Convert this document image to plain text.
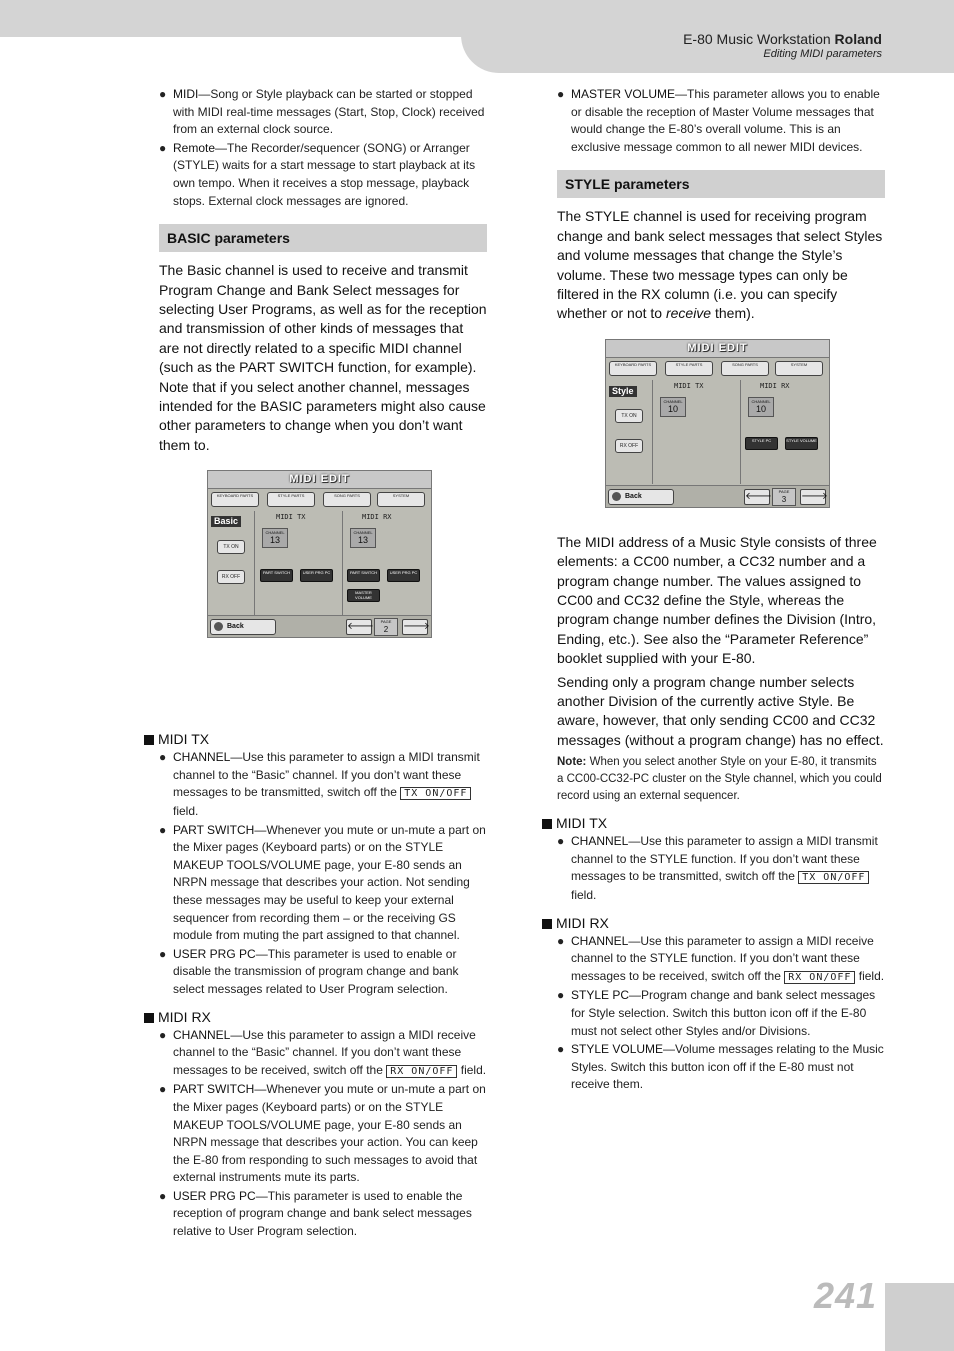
E-80 Music Workstation Roland
Editing MIDI parameters
● MIDI—Song or Style playback can be started or stopped with MIDI real-time messages (Start, Stop, Clock) received from an external clock source.
● Remote—The Recorder/sequencer (SONG) or Arranger (STYLE) waits for a start message to start playback at its own tempo. When it receives a stop message, playback stops. External clock messages are ignored.
BASIC parameters
The Basic channel is used to receive and transmit Program Change and Bank Select messages for selecting User Programs, as well as for the reception and transmission of other kinds of messages that are not directly related to a specific MIDI channel (such as the PART SWITCH function, for example). Note that if you select another channel, messages intended for the BASIC parameters might also cause other parameters to change when you don’t want them to.
MIDI TX
● CHANNEL—Use this parameter to assign a MIDI transmit channel to the “Basic” channel. If you don’t want these messages to be transmitted, switch off the TX ON/OFF field.
● PART SWITCH—Whenever you mute or un-mute a part on the Mixer pages (Keyboard parts) or on the STYLE MAKEUP TOOLS/VOLUME page, your E-80 sends an NRPN message that describes your action. Not sending these messages may be useful to keep your external sequencer from recording them – or the receiving GS module from muting the part assigned to that channel.
● USER PRG PC—This parameter is used to enable or disable the transmission of program change and bank select messages related to User Program selection.
MIDI RX
● CHANNEL—Use this parameter to assign a MIDI receive channel to the “Basic” channel. If you don’t want these messages to be received, switch off the RX ON/OFF field.
● PART SWITCH—Whenever you mute or un-mute a part on the Mixer pages (Keyboard parts) or on the STYLE MAKEUP TOOLS/VOLUME page, your E-80 sends an NRPN message that describes your action. You can keep the E-80 from responding to such messages to avoid that external instruments mute its parts.
● USER PRG PC—This parameter is used to enable the reception of program change and bank select messages relative to User Program selection.
MIDI EDIT
KEYBOARD PARTS	STYLE PARTS	SONG PARTS	SYSTEM
Basic	MIDI TX	MIDI RX
TX ON
RX OFF
CHANNEL
13
CHANNEL
13
PART SWITCH	USER PRG PC	PART SWITCH	USER PRG PC
MASTER VOLUME
Back	🡐	PAGE
2	🡒
● MASTER VOLUME—This parameter allows you to enable or disable the reception of Master Volume messages that would change the E-80’s overall volume. This is an exclusive message common to all newer MIDI devices.
STYLE parameters
The STYLE channel is used for receiving program change and bank select messages that select Styles and volume messages that change the Style’s volume. These two message types can only be filtered in the RX column (i.e. you can specify whether or not to receive them).
The MIDI address of a Music Style consists of three elements: a CC00 number, a CC32 number and a program change number. The values assigned to CC00 and CC32 define the Style, whereas the program change number defines the Division (Intro, Ending, etc.). See also the “Parameter Reference” booklet supplied with your E-80.
Sending only a program change number selects another Division of the currently active Style. Be aware, however, that only sending CC00 and CC32 messages (without a program change) has no effect.
Note: When you select another Style on your E-80, it transmits a CC00-CC32-PC cluster on the Style channel, which you could record using an external sequencer.
MIDI TX
● CHANNEL—Use this parameter to assign a MIDI transmit channel to the STYLE function. If you don’t want these messages to be transmitted, switch off the TX ON/OFF field.
MIDI RX
● CHANNEL—Use this parameter to assign a MIDI receive channel to the STYLE function. If you don’t want these messages to be received, switch off the RX ON/OFF field.
● STYLE PC—Program change and bank select messages for Style selection. Switch this button icon off if the E-80 must not select other Styles and/or Divisions.
● STYLE VOLUME—Volume messages relating to the Music Styles. Switch this button icon off if the E-80 must not receive them.
MIDI EDIT
KEYBOARD PARTS	STYLE PARTS	SONG PARTS	SYSTEM
Style	MIDI TX	MIDI RX
TX ON
RX OFF
CHANNEL
10
CHANNEL
10
STYLE PC	STYLE VOLUME
Back	🡐	PAGE
3	🡒
241
